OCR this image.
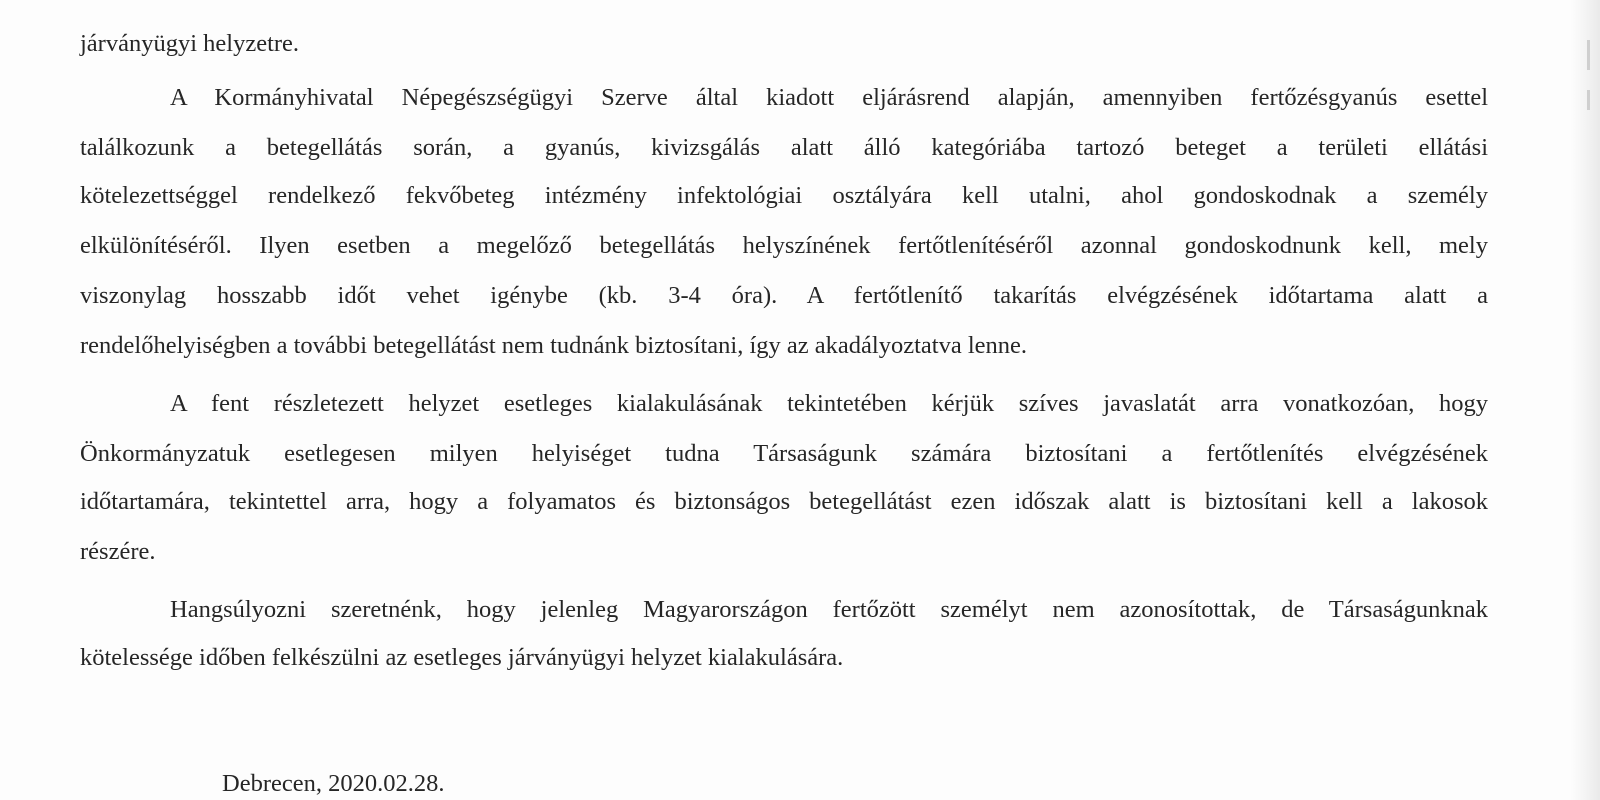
járványügyi helyzetre.
A Kormányhivatal Népegészségügyi Szerve által kiadott eljárásrend alapján, amennyiben fertőzésgyanús esettel
találkozunk a betegellátás során, a gyanús, kivizsgálás alatt álló kategóriába tartozó beteget a területi ellátási
kötelezettséggel rendelkező fekvőbeteg intézmény infektológiai osztályára kell utalni, ahol gondoskodnak a személy
elkülönítéséről. Ilyen esetben a megelőző betegellátás helyszínének fertőtlenítéséről azonnal gondoskodnunk kell, mely
viszonylag hosszabb időt vehet igénybe (kb. 3-4 óra). A fertőtlenítő takarítás elvégzésének időtartama alatt a
rendelőhelyiségben a további betegellátást nem tudnánk biztosítani, így az akadályoztatva lenne.
A fent részletezett helyzet esetleges kialakulásának tekintetében kérjük szíves javaslatát arra vonatkozóan, hogy
Önkormányzatuk esetlegesen milyen helyiséget tudna Társaságunk számára biztosítani a fertőtlenítés elvégzésének
időtartamára, tekintettel arra, hogy a folyamatos és biztonságos betegellátást ezen időszak alatt is biztosítani kell a lakosok
részére.
Hangsúlyozni szeretnénk, hogy jelenleg Magyarországon fertőzött személyt nem azonosítottak, de Társaságunknak
kötelessége időben felkészülni az esetleges járványügyi helyzet kialakulására.
Debrecen, 2020.02.28.
